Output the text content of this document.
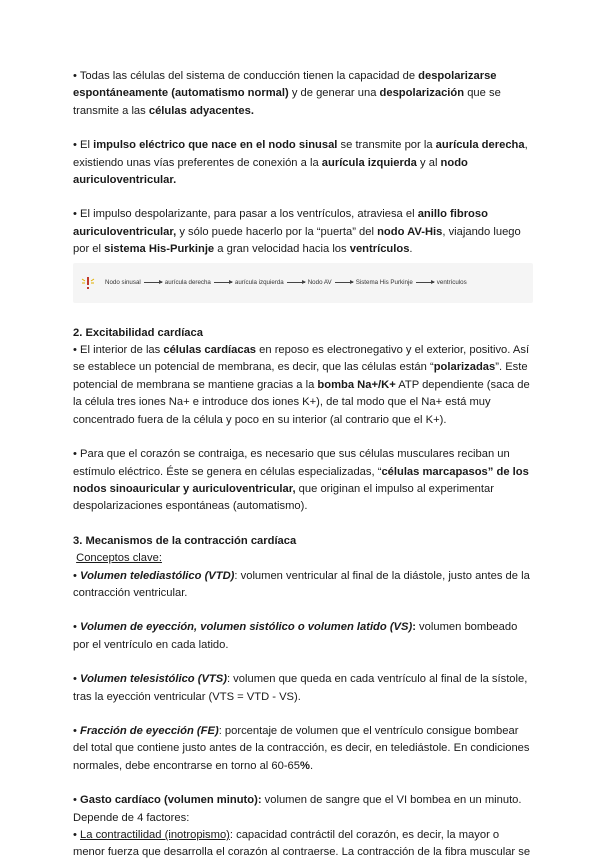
• Todas las células del sistema de conducción tienen la capacidad de despolarizarse espontáneamente (automatismo normal) y de generar una despolarización que se transmite a las células adyacentes.

• El impulso eléctrico que nace en el nodo sinusal se transmite por la aurícula derecha, existiendo unas vías preferentes de conexión a la aurícula izquierda y al nodo auriculoventricular.

• El impulso despolarizante, para pasar a los ventrículos, atraviesa el anillo fibroso auriculoventricular, y sólo puede hacerlo por la “puerta” del nodo AV-His, viajando luego por el sistema His-Purkinje a gran velocidad hacia los ventrículos.

Nodo sinusal	aurícula derecha	aurícula izquierda	Nodo AV	Sistema His Purkinje	ventrículos

2. Excitabilidad cardíaca

• El interior de las células cardíacas en reposo es electronegativo y el exterior, positivo. Así se establece un potencial de membrana, es decir, que las células están “polarizadas”. Este potencial de membrana se mantiene gracias a la bomba Na+/K+ ATP dependiente (saca de la célula tres iones Na+ e introduce dos iones K+), de tal modo que el Na+ está muy concentrado fuera de la célula y poco en su interior (al contrario que el K+).

• Para que el corazón se contraiga, es necesario que sus células musculares reciban un estímulo eléctrico. Éste se genera en células especializadas, “células marcapasos” de los nodos sinoauricular y auriculoventricular, que originan el impulso al experimentar despolarizaciones espontáneas (automatismo).

3. Mecanismos de la contracción cardíaca

Conceptos clave:

• Volumen telediastólico (VTD): volumen ventricular al final de la diástole, justo antes de la contracción ventricular.

• Volumen de eyección, volumen sistólico o volumen latido (VS): volumen bombeado por el ventrículo en cada latido.

• Volumen telesistólico (VTS): volumen que queda en cada ventrículo al final de la sístole, tras la eyección ventricular (VTS = VTD - VS).

• Fracción de eyección (FE): porcentaje de volumen que el ventrículo consigue bombear del total que contiene justo antes de la contracción, es decir, en telediástole. En condiciones normales, debe encontrarse en torno al 60-65%.

• Gasto cardíaco (volumen minuto): volumen de sangre que el VI bombea en un minuto.

Depende de 4 factores:

• La contractilidad (inotropismo): capacidad contráctil del corazón, es decir, la mayor o menor fuerza que desarrolla el corazón al contraerse. La contracción de la fibra muscular se
